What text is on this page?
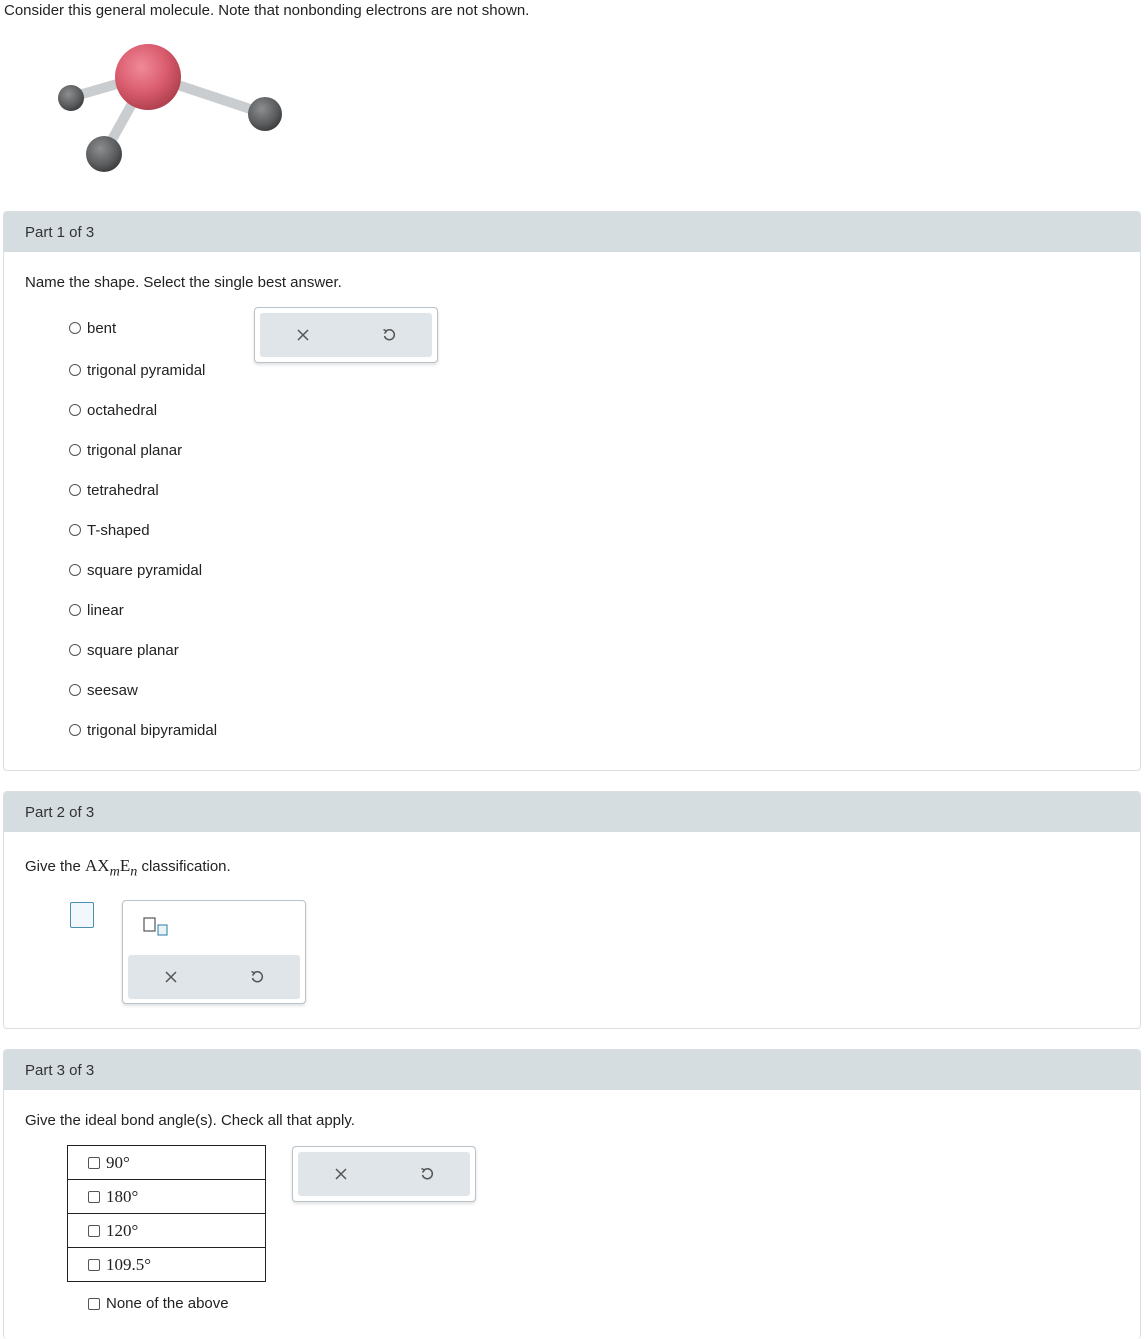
Consider this general molecule. Note that nonbonding electrons are not shown.
Part 1 of 3
Name the shape. Select the single best answer.
bent
trigonal pyramidal
octahedral
trigonal planar
tetrahedral
T-shaped
square pyramidal
linear
square planar
seesaw
trigonal bipyramidal
Part 2 of 3
Give the $AX_mE_n$ classification.
Part 3 of 3
Give the ideal bond angle(s). Check all that apply.
90°

180°

120°

109.5°
None of the above
